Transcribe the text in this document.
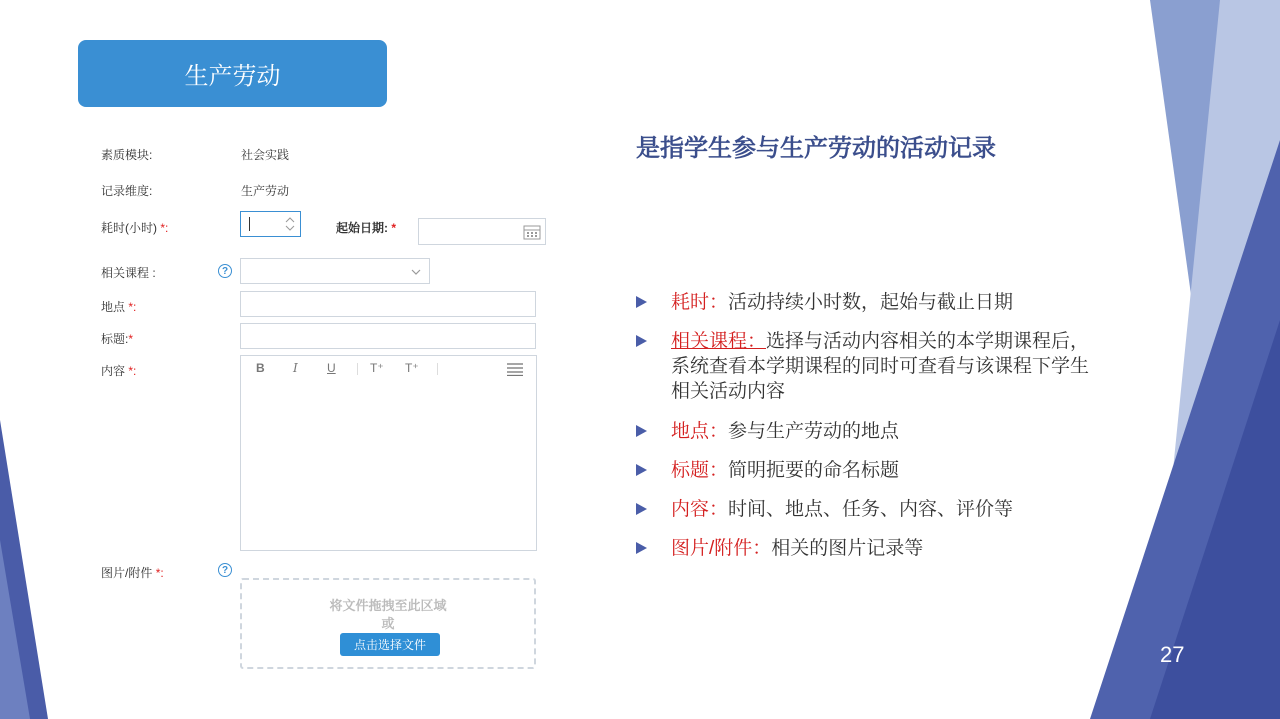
生产劳动
素质模块:	社会实践
记录维度:	生产劳动
耗时(小时) *:	起始日期: *
相关课程 :	?
地点 *:
标题:*
内容 *:	B I U	T⁺ T⁺
图片/附件 *:	?
将文件拖拽至此区域
或
点击选择文件
是指学生参与生产劳动的活动记录
耗时：活动持续小时数，起始与截止日期
相关课程：选择与活动内容相关的本学期课程后，系统查看本学期课程的同时可查看与该课程下学生相关活动内容
地点：参与生产劳动的地点
标题：简明扼要的命名标题
内容：时间、地点、任务、内容、评价等
图片/附件：相关的图片记录等
27
